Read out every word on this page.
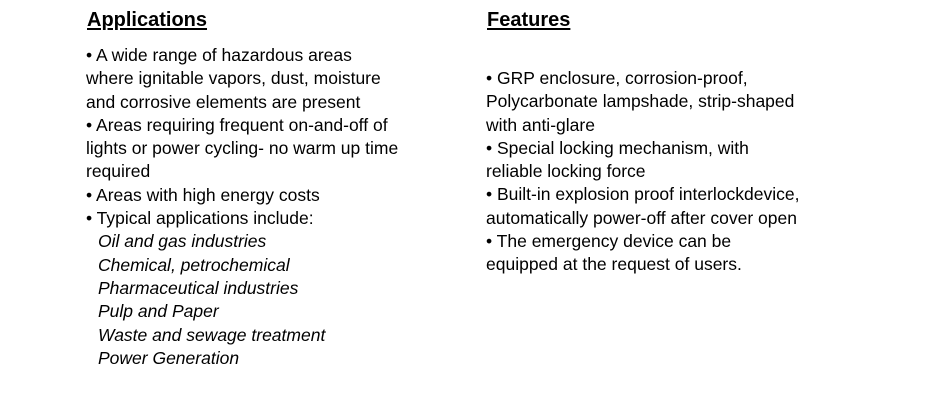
Applications
• A wide range of hazardous areas
where ignitable vapors, dust, moisture
and corrosive elements are present
• Areas requiring frequent on-and-off of
lights or power cycling- no warm up time
required
• Areas with high energy costs
• Typical applications include:
Oil and gas industries
Chemical, petrochemical
Pharmaceutical industries
Pulp and Paper
Waste and sewage treatment
Power Generation
Features
• GRP enclosure, corrosion-proof,
Polycarbonate lampshade, strip-shaped
with anti-glare
• Special locking mechanism, with
reliable locking force
• Built-in explosion proof interlockdevice,
automatically power-off after cover open
• The emergency device can be
equipped at the request of users.
